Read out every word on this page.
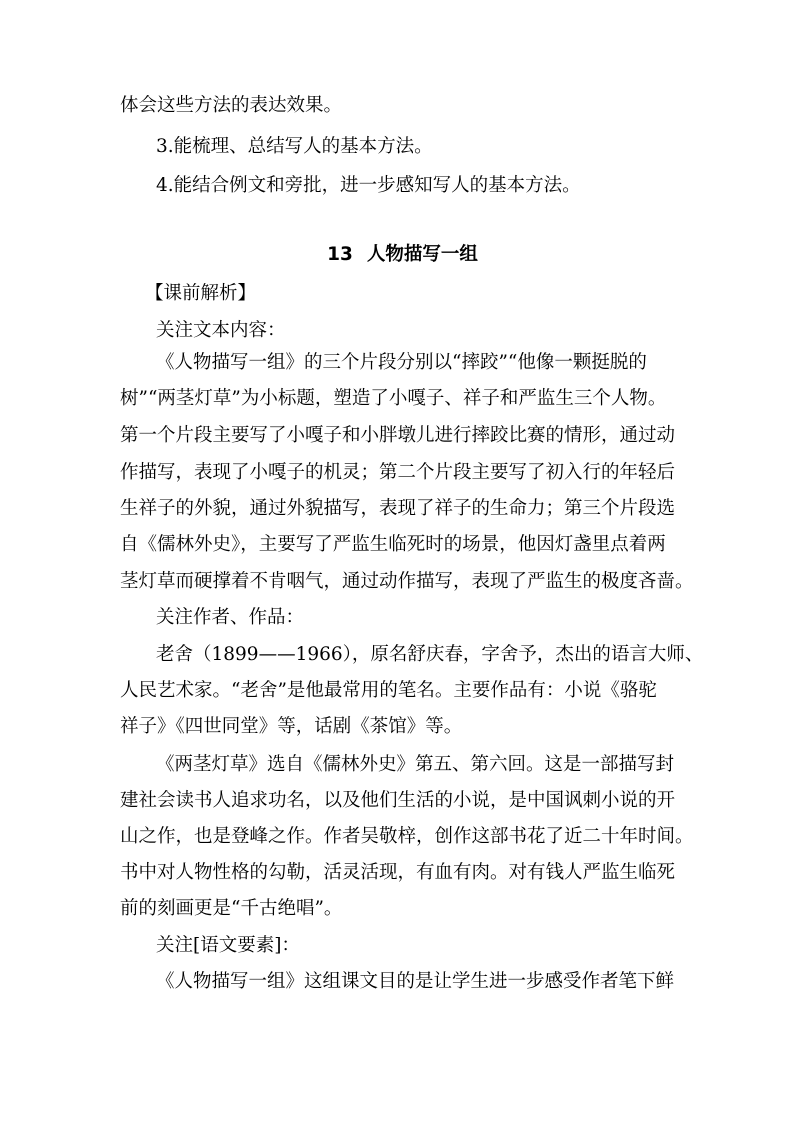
体会这些方法的表达效果。
3.能梳理、总结写人的基本方法。
4.能结合例文和旁批，进一步感知写人的基本方法。
13 人物描写一组
【课前解析】
关注文本内容：
《人物描写一组》的三个片段分别以“摔跤”“他像一颗挺脱的
树”“两茎灯草”为小标题，塑造了小嘎子、祥子和严监生三个人物。
第一个片段主要写了小嘎子和小胖墩儿进行摔跤比赛的情形，通过动
作描写，表现了小嘎子的机灵；第二个片段主要写了初入行的年轻后
生祥子的外貌，通过外貌描写，表现了祥子的生命力；第三个片段选
自《儒林外史》，主要写了严监生临死时的场景，他因灯盏里点着两
茎灯草而硬撑着不肯咽气，通过动作描写，表现了严监生的极度吝啬。
关注作者、作品：
老舍（1899——1966），原名舒庆春，字舍予，杰出的语言大师、
人民艺术家。“老舍”是他最常用的笔名。主要作品有：小说《骆驼
祥子》《四世同堂》等，话剧《茶馆》等。
《两茎灯草》选自《儒林外史》第五、第六回。这是一部描写封
建社会读书人追求功名，以及他们生活的小说，是中国讽刺小说的开
山之作，也是登峰之作。作者吴敬梓，创作这部书花了近二十年时间。
书中对人物性格的勾勒，活灵活现，有血有肉。对有钱人严监生临死
前的刻画更是“千古绝唱”。
关注[语文要素]：
《人物描写一组》这组课文目的是让学生进一步感受作者笔下鲜
